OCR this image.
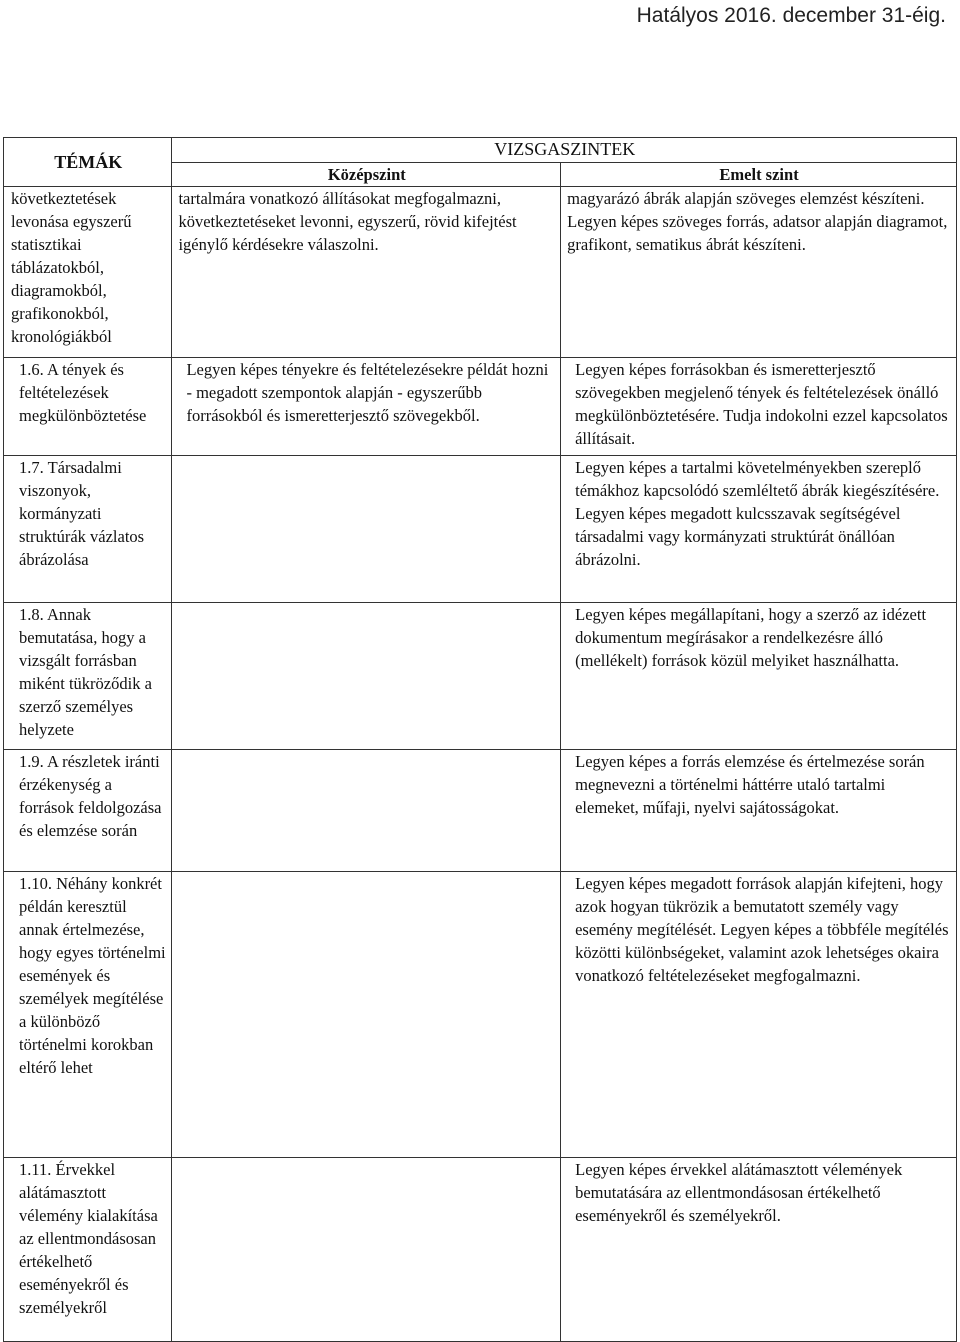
Hatályos 2016. december 31-éig.
TÉMÁK	VIZSGASZINTEK	
	Középszint	Emelt szint

következtetések levonása egyszerű statisztikai táblázatokból, diagramokból, grafikonokból, kronológiákból	tartalmára vonatkozó állításokat megfogalmazni, következtetéseket levonni, egyszerű, rövid kifejtést igénylő kérdésekre válaszolni.	magyarázó ábrák alapján szöveges elemzést készíteni.
Legyen képes szöveges forrás, adatsor alapján diagramot, grafikont, sematikus ábrát készíteni.

1.6. A tények és feltételezések megkülönböztetése	Legyen képes tényekre és feltételezésekre példát hozni - megadott szempontok alapján - egyszerűbb forrásokból és ismeretterjesztő szövegekből.	Legyen képes forrásokban és ismeretterjesztő szövegekben megjelenő tények és feltételezések önálló megkülönböztetésére. Tudja indokolni ezzel kapcsolatos állításait.

1.7. Társadalmi viszonyok, kormányzati struktúrák vázlatos ábrázolása		Legyen képes a tartalmi követelményekben szereplő témákhoz kapcsolódó szemléltető ábrák kiegészítésére.
Legyen képes megadott kulcsszavak segítségével társadalmi vagy kormányzati struktúrát önállóan ábrázolni.

1.8. Annak bemutatása, hogy a vizsgált forrásban miként tükröződik a szerző személyes helyzete		Legyen képes megállapítani, hogy a szerző az idézett dokumentum megírásakor a rendelkezésre álló (mellékelt) források közül melyiket használhatta.

1.9. A részletek iránti érzékenység a források feldolgozása és elemzése során		Legyen képes a forrás elemzése és értelmezése során megnevezni a történelmi háttérre utaló tartalmi elemeket, műfaji, nyelvi sajátosságokat.

1.10. Néhány konkrét példán keresztül annak értelmezése, hogy egyes történelmi események és személyek megítélése a különböző történelmi korokban eltérő lehet		Legyen képes megadott források alapján kifejteni, hogy azok hogyan tükrözik a bemutatott személy vagy esemény megítélését. Legyen képes a többféle megítélés közötti különbségeket, valamint azok lehetséges okaira vonatkozó feltételezéseket megfogalmazni.

1.11. Érvekkel alátámasztott vélemény kialakítása az ellentmondásosan értékelhető eseményekről és személyekről		Legyen képes érvekkel alátámasztott vélemények bemutatására az ellentmondásosan értékelhető eseményekről és személyekről.
